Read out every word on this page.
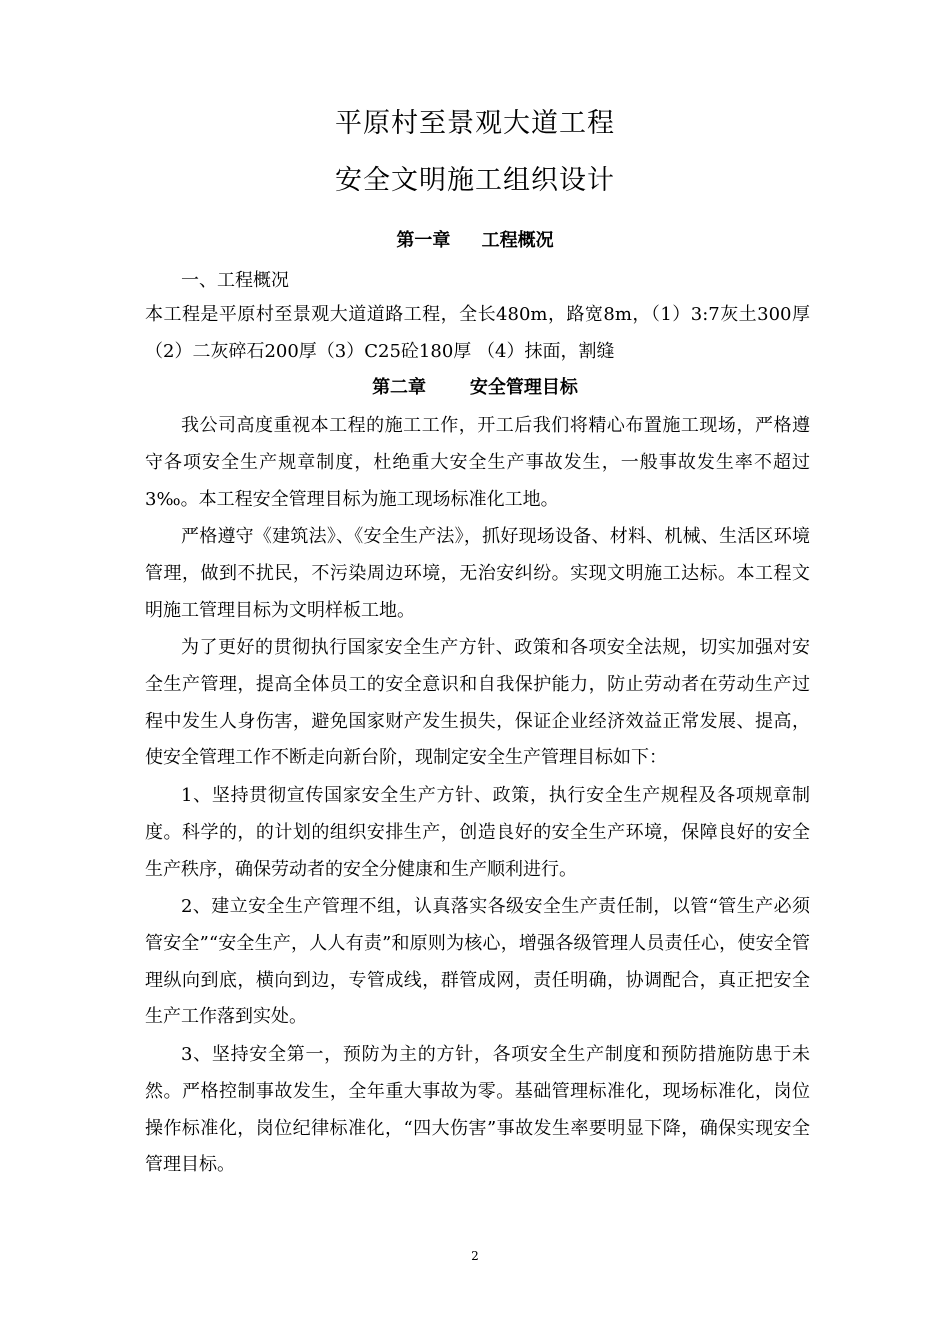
平原村至景观大道工程
安全文明施工组织设计
第一章     工程概况
一、工程概况
本工程是平原村至景观大道道路工程，全长480m，路宽8m，（1）3:7灰土300厚（2）二灰碎石200厚（3）C25砼180厚 （4）抹面，割缝
第二章       安全管理目标
我公司高度重视本工程的施工工作，开工后我们将精心布置施工现场，严格遵守各项安全生产规章制度，杜绝重大安全生产事故发生，一般事故发生率不超过3‰。本工程安全管理目标为施工现场标准化工地。
严格遵守《建筑法》、《安全生产法》，抓好现场设备、材料、机械、生活区环境管理，做到不扰民，不污染周边环境，无治安纠纷。实现文明施工达标。本工程文明施工管理目标为文明样板工地。
为了更好的贯彻执行国家安全生产方针、政策和各项安全法规，切实加强对安全生产管理，提高全体员工的安全意识和自我保护能力，防止劳动者在劳动生产过程中发生人身伤害，避免国家财产发生损失，保证企业经济效益正常发展、提高，使安全管理工作不断走向新台阶，现制定安全生产管理目标如下：
1、坚持贯彻宣传国家安全生产方针、政策，执行安全生产规程及各项规章制度。科学的，的计划的组织安排生产，创造良好的安全生产环境，保障良好的安全生产秩序，确保劳动者的安全分健康和生产顺利进行。
2、建立安全生产管理不组，认真落实各级安全生产责任制，以管“管生产必须管安全”“安全生产，人人有责”和原则为核心，增强各级管理人员责任心，使安全管理纵向到底，横向到边，专管成线，群管成网，责任明确，协调配合，真正把安全生产工作落到实处。
3、坚持安全第一，预防为主的方针，各项安全生产制度和预防措施防患于未然。严格控制事故发生，全年重大事故为零。基础管理标准化，现场标准化，岗位操作标准化，岗位纪律标准化，“四大伤害”事故发生率要明显下降，确保实现安全管理目标。
2
